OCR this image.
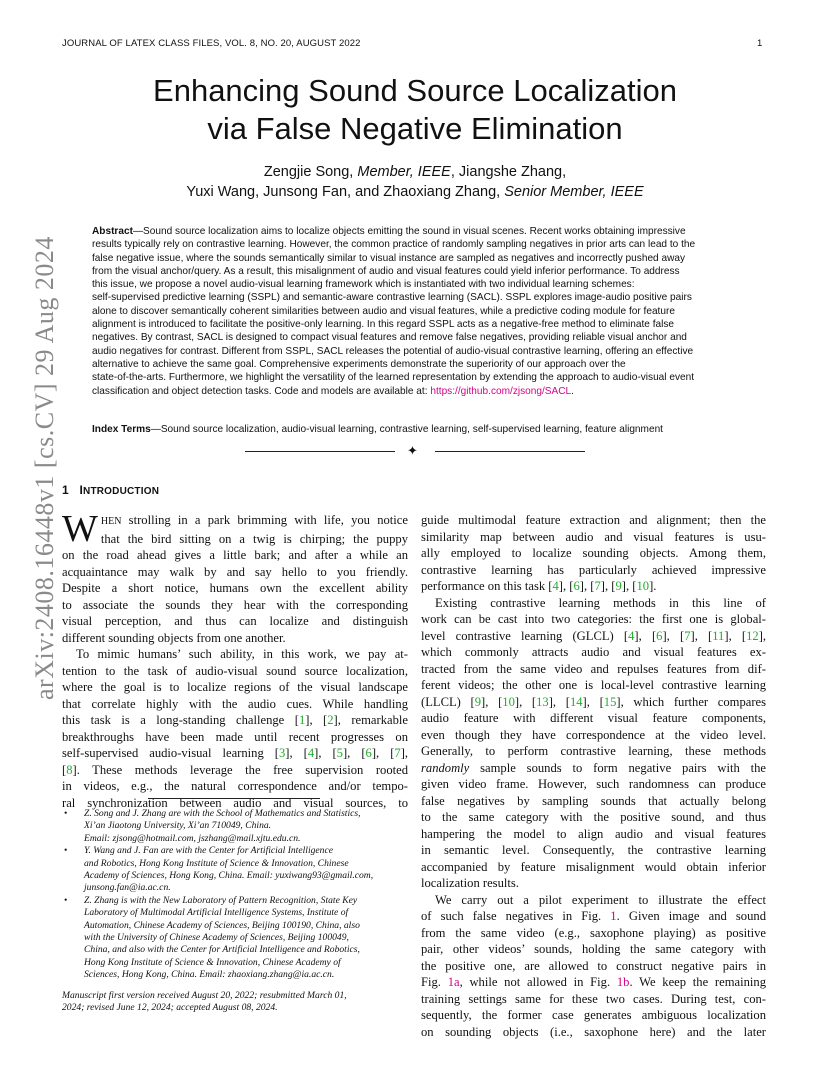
JOURNAL OF LATEX CLASS FILES, VOL. 8, NO. 20, AUGUST 2022	1
Enhancing Sound Source Localization
via False Negative Elimination
Zengjie Song, Member, IEEE, Jiangshe Zhang,
Yuxi Wang, Junsong Fan, and Zhaoxiang Zhang, Senior Member, IEEE
Abstract—Sound source localization aims to localize objects emitting the sound in visual scenes. Recent works obtaining impressive
results typically rely on contrastive learning. However, the common practice of randomly sampling negatives in prior arts can lead to the
false negative issue, where the sounds semantically similar to visual instance are sampled as negatives and incorrectly pushed away
from the visual anchor/query. As a result, this misalignment of audio and visual features could yield inferior performance. To address
this issue, we propose a novel audio-visual learning framework which is instantiated with two individual learning schemes:
self-supervised predictive learning (SSPL) and semantic-aware contrastive learning (SACL). SSPL explores image-audio positive pairs
alone to discover semantically coherent similarities between audio and visual features, while a predictive coding module for feature
alignment is introduced to facilitate the positive-only learning. In this regard SSPL acts as a negative-free method to eliminate false
negatives. By contrast, SACL is designed to compact visual features and remove false negatives, providing reliable visual anchor and
audio negatives for contrast. Different from SSPL, SACL releases the potential of audio-visual contrastive learning, offering an effective
alternative to achieve the same goal. Comprehensive experiments demonstrate the superiority of our approach over the
state-of-the-arts. Furthermore, we highlight the versatility of the learned representation by extending the approach to audio-visual event
classification and object detection tasks. Code and models are available at: https://github.com/zjsong/SACL.
Index Terms—Sound source localization, audio-visual learning, contrastive learning, self-supervised learning, feature alignment
✦
arXiv:2408.16448v1 [cs.CV] 29 Aug 2024 1 INTRODUCTION
W HEN strolling in a park brimming with life, you notice
that the bird sitting on a twig is chirping; the puppy
on the road ahead gives a little bark; and after a while an
acquaintance may walk by and say hello to you friendly.
Despite a short notice, humans own the excellent ability
to associate the sounds they hear with the corresponding
visual perception, and thus can localize and distinguish
different sounding objects from one another.
To mimic humans’ such ability, in this work, we pay at-
tention to the task of audio-visual sound source localization,
where the goal is to localize regions of the visual landscape
that correlate highly with the audio cues. While handling
this task is a long-standing challenge [1], [2], remarkable
breakthroughs have been made until recent progresses on
self-supervised audio-visual learning [3], [4], [5], [6], [7],
[8]. These methods leverage the free supervision rooted
in videos, e.g., the natural correspondence and/or tempo-
ral synchronization between audio and visual sources, to
guide multimodal feature extraction and alignment; then the
similarity map between audio and visual features is usu-
ally employed to localize sounding objects. Among them,
contrastive learning has particularly achieved impressive
performance on this task [4], [6], [7], [9], [10].
Existing contrastive learning methods in this line of
work can be cast into two categories: the first one is global-
level contrastive learning (GLCL) [4], [6], [7], [11], [12],
which commonly attracts audio and visual features ex-
tracted from the same video and repulses features from dif-
ferent videos; the other one is local-level contrastive learning
(LLCL) [9], [10], [13], [14], [15], which further compares
audio feature with different visual feature components,
even though they have correspondence at the video level.
Generally, to perform contrastive learning, these methods
randomly sample sounds to form negative pairs with the
given video frame. However, such randomness can produce
false negatives by sampling sounds that actually belong
to the same category with the positive sound, and thus
hampering the model to align audio and visual features
in semantic level. Consequently, the contrastive learning
accompanied by feature misalignment would obtain inferior
localization results.
We carry out a pilot experiment to illustrate the effect
of such false negatives in Fig. 1. Given image and sound
from the same video (e.g., saxophone playing) as positive
pair, other videos’ sounds, holding the same category with
the positive one, are allowed to construct negative pairs in
Fig. 1a, while not allowed in Fig. 1b. We keep the remaining
training settings same for these two cases. During test, con-
sequently, the former case generates ambiguous localization
on sounding objects (i.e., saxophone here) and the later
• Z. Song and J. Zhang are with the School of Mathematics and Statistics,
Xi’an Jiaotong University, Xi’an 710049, China.
Email: zjsong@hotmail.com, jszhang@mail.xjtu.edu.cn.
• Y. Wang and J. Fan are with the Center for Artificial Intelligence
and Robotics, Hong Kong Institute of Science & Innovation, Chinese
Academy of Sciences, Hong Kong, China. Email: yuxiwang93@gmail.com,
junsong.fan@ia.ac.cn.
• Z. Zhang is with the New Laboratory of Pattern Recognition, State Key
Laboratory of Multimodal Artificial Intelligence Systems, Institute of
Automation, Chinese Academy of Sciences, Beijing 100190, China, also
with the University of Chinese Academy of Sciences, Beijing 100049,
China, and also with the Center for Artificial Intelligence and Robotics,
Hong Kong Institute of Science & Innovation, Chinese Academy of
Sciences, Hong Kong, China. Email: zhaoxiang.zhang@ia.ac.cn.
Manuscript first version received August 20, 2022; resubmitted March 01,
2024; revised June 12, 2024; accepted August 08, 2024.
